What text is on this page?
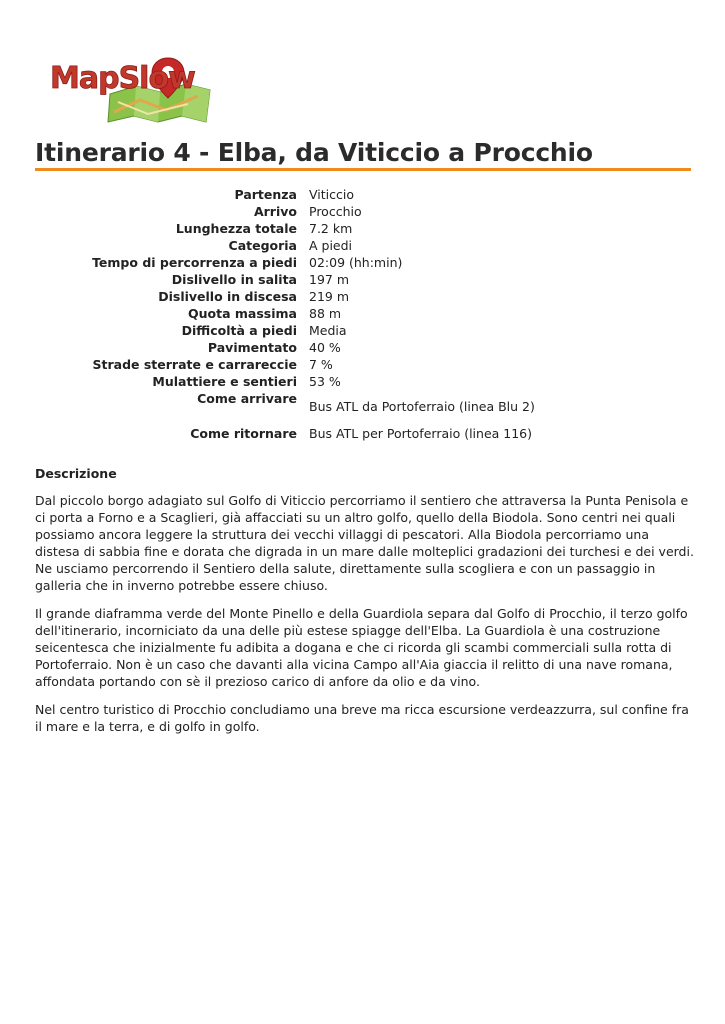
MapSlow
Itinerario 4 - Elba, da Viticcio a Procchio
Partenza Viticcio
Arrivo Procchio
Lunghezza totale 7.2 km
Categoria A piedi
Tempo di percorrenza a piedi 02:09 (hh:min)
Dislivello in salita 197 m
Dislivello in discesa 219 m
Quota massima 88 m
Difficoltà a piedi Media
Pavimentato 40 %
Strade sterrate e carrareccie 7 %
Mulattiere e sentieri 53 %
Come arrivare
Bus ATL da Portoferraio (linea Blu 2)
Come ritornare Bus ATL per Portoferraio (linea 116)
Descrizione

Dal piccolo borgo adagiato sul Golfo di Viticcio percorriamo il sentiero che attraversa la Punta Penisola e ci porta a Forno e a Scaglieri, già affacciati su un altro golfo, quello della Biodola. Sono centri nei quali possiamo ancora leggere la struttura dei vecchi villaggi di pescatori. Alla Biodola percorriamo una distesa di sabbia fine e dorata che digrada in un mare dalle molteplici gradazioni dei turchesi e dei verdi. Ne usciamo percorrendo il Sentiero della salute, direttamente sulla scogliera e con un passaggio in galleria che in inverno potrebbe essere chiuso.

Il grande diaframma verde del Monte Pinello e della Guardiola separa dal Golfo di Procchio, il terzo golfo dell'itinerario, incorniciato da una delle più estese spiagge dell'Elba. La Guardiola è una costruzione seicentesca che inizialmente fu adibita a dogana e che ci ricorda gli scambi commerciali sulla rotta di Portoferraio. Non è un caso che davanti alla vicina Campo all'Aia giaccia il relitto di una nave romana, affondata portando con sè il prezioso carico di anfore da olio e da vino.

Nel centro turistico di Procchio concludiamo una breve ma ricca escursione verdeazzurra, sul confine fra il mare e la terra, e di golfo in golfo.
